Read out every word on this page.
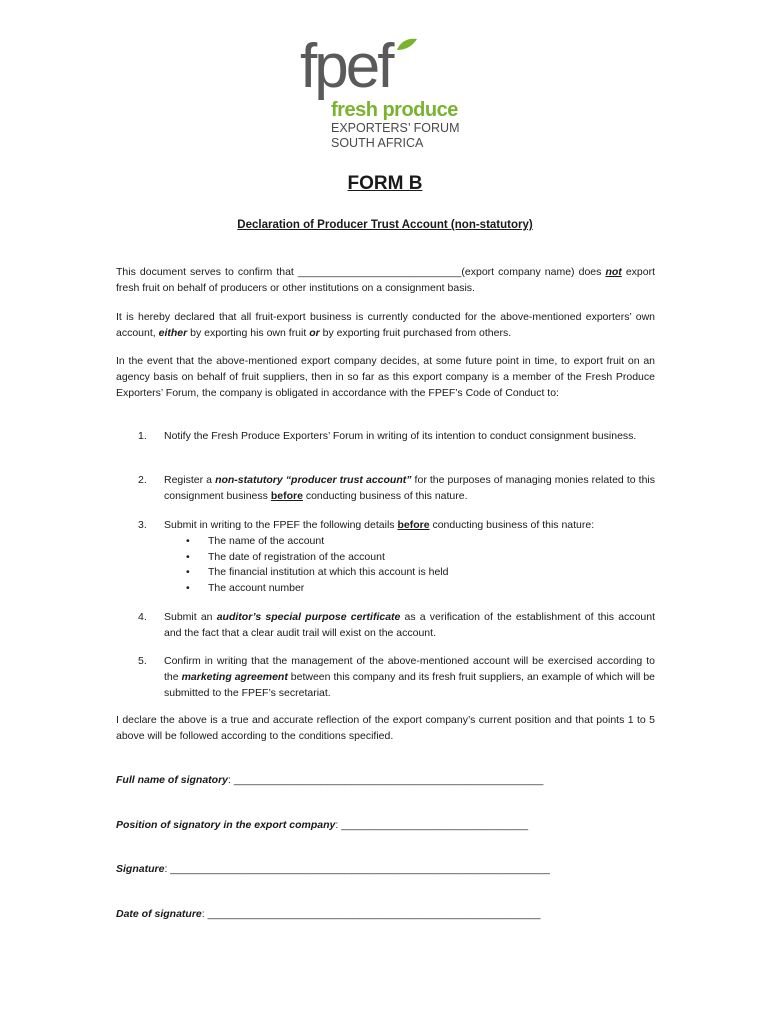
fpef
fresh produce
EXPORTERS’ FORUM
SOUTH AFRICA
FORM B
Declaration of Producer Trust Account (non-statutory)
This document serves to confirm that ____________________________(export company name) does not export fresh fruit on behalf of producers or other institutions on a consignment basis.
It is hereby declared that all fruit-export business is currently conducted for the above-mentioned exporters’ own account, either by exporting his own fruit or by exporting fruit purchased from others.
In the event that the above-mentioned export company decides, at some future point in time, to export fruit on an agency basis on behalf of fruit suppliers, then in so far as this export company is a member of the Fresh Produce Exporters’ Forum, the company is obligated in accordance with the FPEF’s Code of Conduct to:
1.	Notify the Fresh Produce Exporters’ Forum in writing of its intention to conduct consignment business.
2.	Register a non-statutory “producer trust account” for the purposes of managing monies related to this consignment business before conducting business of this nature.
3.	Submit in writing to the FPEF the following details before conducting business of this nature:
• The name of the account
• The date of registration of the account
• The financial institution at which this account is held
• The account number
4.	Submit an auditor’s special purpose certificate as a verification of the establishment of this account and the fact that a clear audit trail will exist on the account.
5.	Confirm in writing that the management of the above-mentioned account will be exercised according to the marketing agreement between this company and its fresh fruit suppliers, an example of which will be submitted to the FPEF’s secretariat.
I declare the above is a true and accurate reflection of the export company’s current position and that points 1 to 5 above will be followed according to the conditions specified.
Full name of signatory: _____________________________________________________
Position of signatory in the export company: ________________________________
Signature: _________________________________________________________________
Date of signature: _________________________________________________________
